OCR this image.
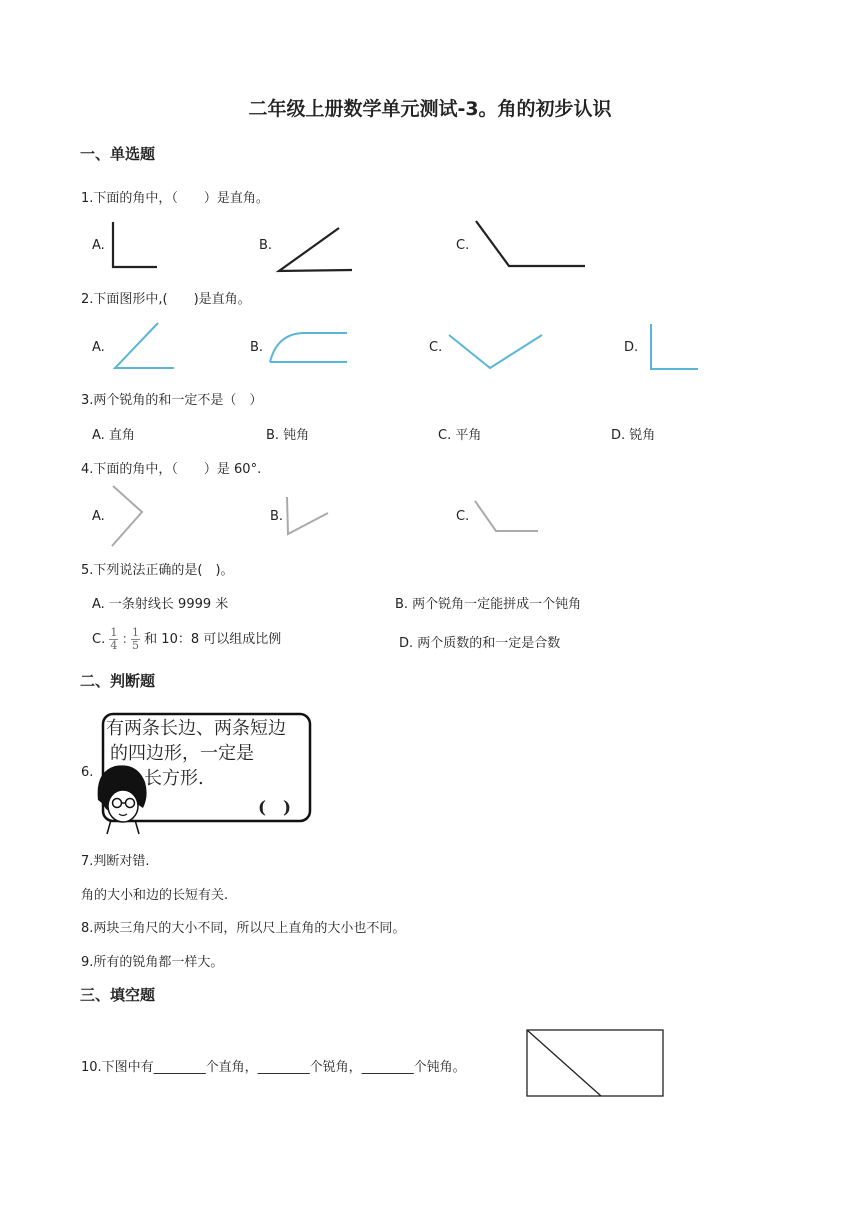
二年级上册数学单元测试-3。角的初步认识
一、单选题
1.下面的角中，（　　）是直角。
A.	B.	C.
2.下面图形中,(　　)是直角。
A.	B.	C.	D.
3.两个锐角的和一定不是（　）
A. 直角	B. 钝角	C. 平角	D. 锐角
4.下面的角中，（　　）是 60°.
A.	B.	C.
5.下列说法正确的是(　)。
A. 一条射线长 9999 米	B. 两个锐角一定能拼成一个钝角
C. $\frac{1}{4}$ : $\frac{1}{5}$ 和 10：8 可以组成比例	D. 两个质数的和一定是合数
二、判断题
6.
有两条长边、两条短边
的四边形，一定是
长方形.
(　)
7.判断对错.
角的大小和边的长短有关.
8.两块三角尺的大小不同，所以尺上直角的大小也不同。
9.所有的锐角都一样大。
三、填空题
10.下图中有________个直角，________个锐角，________个钝角。
